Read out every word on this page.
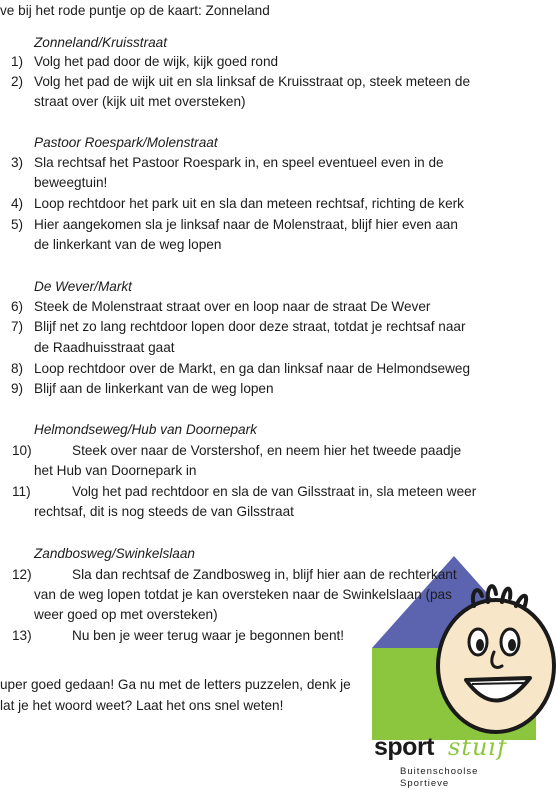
ve bij het rode puntje op de kaart: Zonneland
Zonneland/Kruisstraat
1) Volg het pad door de wijk, kijk goed rond
2) Volg het pad de wijk uit en sla linksaf de Kruisstraat op, steek meteen de
straat over (kijk uit met oversteken)
Pastoor Roespark/Molenstraat
3) Sla rechtsaf het Pastoor Roespark in, en speel eventueel even in de
beweegtuin!
4) Loop rechtdoor het park uit en sla dan meteen rechtsaf, richting de kerk
5) Hier aangekomen sla je linksaf naar de Molenstraat, blijf hier even aan
de linkerkant van de weg lopen
De Wever/Markt
6) Steek de Molenstraat straat over en loop naar de straat De Wever
7) Blijf net zo lang rechtdoor lopen door deze straat, totdat je rechtsaf naar
de Raadhuisstraat gaat
8) Loop rechtdoor over de Markt, en ga dan linksaf naar de Helmondseweg
9) Blijf aan de linkerkant van de weg lopen
Helmondseweg/Hub van Doornepark
10)	Steek over naar de Vorstershof, en neem hier het tweede paadje
het Hub van Doornepark in
11)	Volg het pad rechtdoor en sla de van Gilsstraat in, sla meteen weer
rechtsaf, dit is nog steeds de van Gilsstraat
Zandbosweg/Swinkelslaan
12)	Sla dan rechtsaf de Zandbosweg in, blijf hier aan de rechterkant
van de weg lopen totdat je kan oversteken naar de Swinkelslaan (pas
weer goed op met oversteken)
13)	Nu ben je weer terug waar je begonnen bent!
uper goed gedaan! Ga nu met de letters puzzelen, denk je
lat je het woord weet? Laat het ons snel weten!
sport stuif
Buitenschoolse
Sportieve
